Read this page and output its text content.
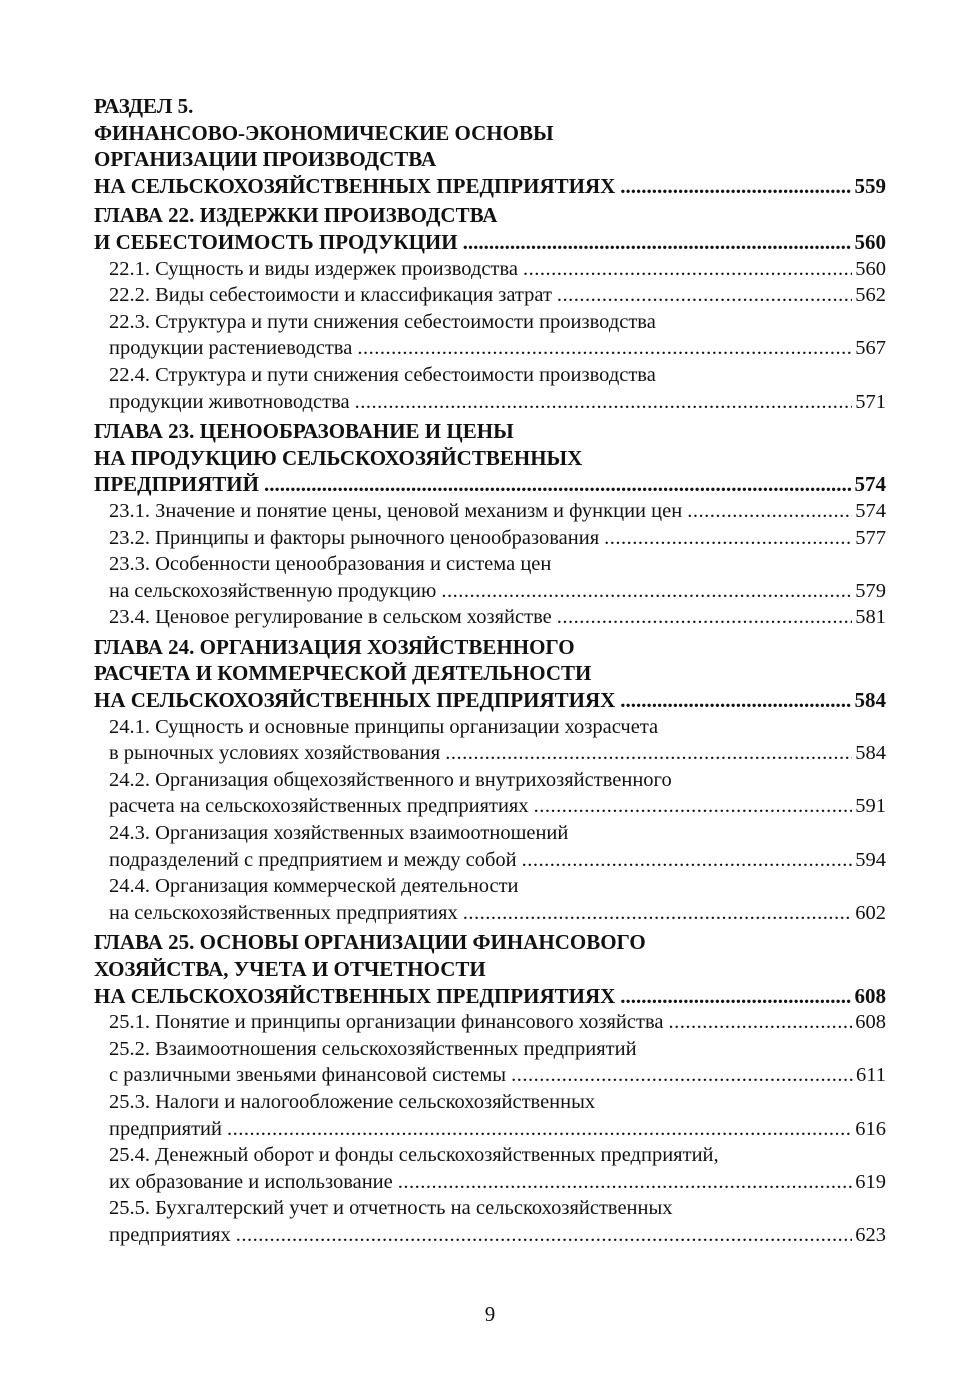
РАЗДЕЛ 5.
ФИНАНСОВО-ЭКОНОМИЧЕСКИЕ ОСНОВЫ
ОРГАНИЗАЦИИ ПРОИЗВОДСТВА
НА СЕЛЬСКОХОЗЯЙСТВЕННЫХ ПРЕДПРИЯТИЯХ .....	559
ГЛАВА 22. ИЗДЕРЖКИ ПРОИЗВОДСТВА
И СЕБЕСТОИМОСТЬ ПРОДУКЦИИ .....	560
22.1. Сущность и виды издержек производства .....	560
22.2. Виды себестоимости и классификация затрат .....	562
22.3. Структура и пути снижения себестоимости производства
продукции растениеводства .....	567
22.4. Структура и пути снижения себестоимости производства
продукции животноводства .....	571
ГЛАВА 23. ЦЕНООБРАЗОВАНИЕ И ЦЕНЫ
НА ПРОДУКЦИЮ СЕЛЬСКОХОЗЯЙСТВЕННЫХ
ПРЕДПРИЯТИЙ .....	574
23.1. Значение и понятие цены, ценовой механизм и функции цен .....	574
23.2. Принципы и факторы рыночного ценообразования .....	577
23.3. Особенности ценообразования и система цен
на сельскохозяйственную продукцию .....	579
23.4. Ценовое регулирование в сельском хозяйстве .....	581
ГЛАВА 24. ОРГАНИЗАЦИЯ ХОЗЯЙСТВЕННОГО
РАСЧЕТА И КОММЕРЧЕСКОЙ ДЕЯТЕЛЬНОСТИ
НА СЕЛЬСКОХОЗЯЙСТВЕННЫХ ПРЕДПРИЯТИЯХ .....	584
24.1. Сущность и основные принципы организации хозрасчета
в рыночных условиях хозяйствования .....	584
24.2. Организация общехозяйственного и внутрихозяйственного
расчета на сельскохозяйственных предприятиях .....	591
24.3. Организация хозяйственных взаимоотношений
подразделений с предприятием и между собой .....	594
24.4. Организация коммерческой деятельности
на сельскохозяйственных предприятиях .....	602
ГЛАВА 25. ОСНОВЫ ОРГАНИЗАЦИИ ФИНАНСОВОГО
ХОЗЯЙСТВА, УЧЕТА И ОТЧЕТНОСТИ
НА СЕЛЬСКОХОЗЯЙСТВЕННЫХ ПРЕДПРИЯТИЯХ .....	608
25.1. Понятие и принципы организации финансового хозяйства .....	608
25.2. Взаимоотношения сельскохозяйственных предприятий
с различными звеньями финансовой системы .....	611
25.3. Налоги и налогообложение сельскохозяйственных
предприятий .....	616
25.4. Денежный оборот и фонды сельскохозяйственных предприятий,
их образование и использование .....	619
25.5. Бухгалтерский учет и отчетность на сельскохозяйственных
предприятиях .....	623
9
